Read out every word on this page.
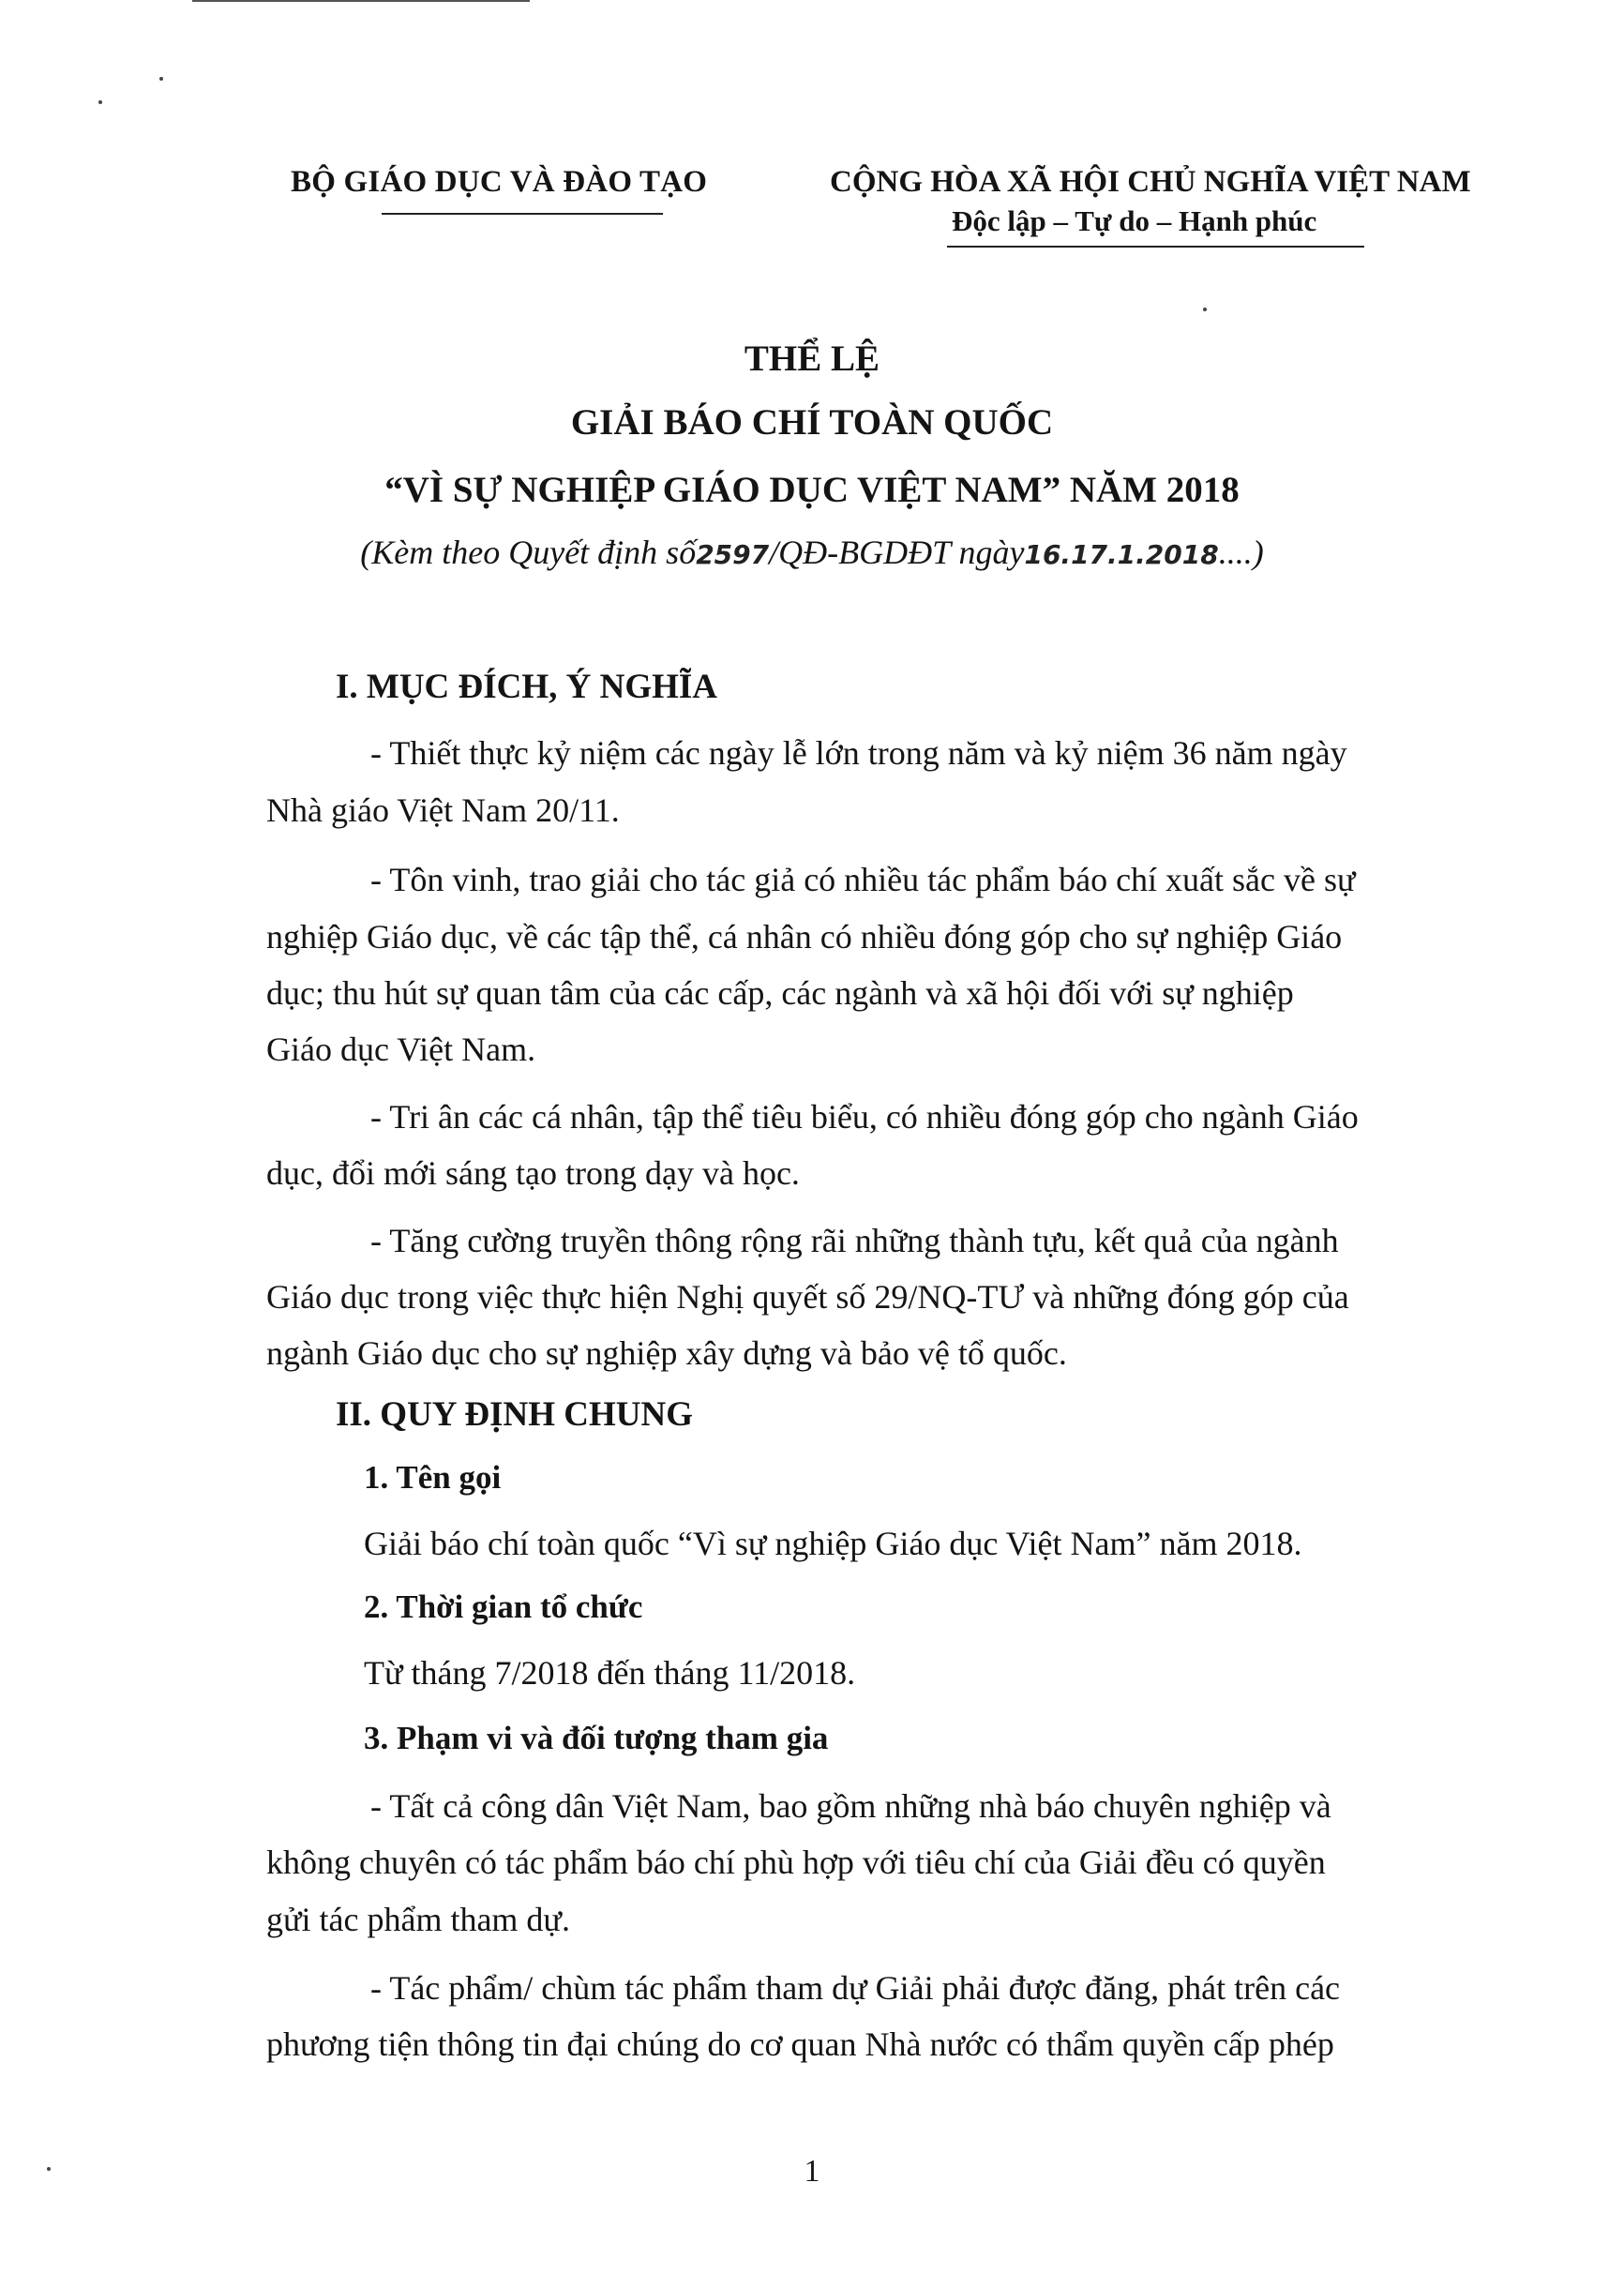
BỘ GIÁO DỤC VÀ ĐÀO TẠO	CỘNG HÒA XÃ HỘI CHỦ NGHĨA VIỆT NAM
Độc lập – Tự do – Hạnh phúc
THỂ LỆ
GIẢI BÁO CHÍ TOÀN QUỐC
“VÌ SỰ NGHIỆP GIÁO DỤC VIỆT NAM” NĂM 2018
(Kèm theo Quyết định số2597/QĐ-BGDĐT ngày16.17.1.2018....)
I. MỤC ĐÍCH, Ý NGHĨA
- Thiết thực kỷ niệm các ngày lễ lớn trong năm và kỷ niệm 36 năm ngày
Nhà giáo Việt Nam 20/11.
- Tôn vinh, trao giải cho tác giả có nhiều tác phẩm báo chí xuất sắc về sự
nghiệp Giáo dục, về các tập thể, cá nhân có nhiều đóng góp cho sự nghiệp Giáo
dục; thu hút sự quan tâm của các cấp, các ngành và xã hội đối với sự nghiệp
Giáo dục Việt Nam.
- Tri ân các cá nhân, tập thể tiêu biểu, có nhiều đóng góp cho ngành Giáo
dục, đổi mới sáng tạo trong dạy và học.
- Tăng cường truyền thông rộng rãi những thành tựu, kết quả của ngành
Giáo dục trong việc thực hiện Nghị quyết số 29/NQ-TƯ và những đóng góp của
ngành Giáo dục cho sự nghiệp xây dựng và bảo vệ tổ quốc.
II. QUY ĐỊNH CHUNG
1. Tên gọi
Giải báo chí toàn quốc “Vì sự nghiệp Giáo dục Việt Nam” năm 2018.
2. Thời gian tổ chức
Từ tháng 7/2018 đến tháng 11/2018.
3. Phạm vi và đối tượng tham gia
- Tất cả công dân Việt Nam, bao gồm những nhà báo chuyên nghiệp và
không chuyên có tác phẩm báo chí phù hợp với tiêu chí của Giải đều có quyền
gửi tác phẩm tham dự.
- Tác phẩm/ chùm tác phẩm tham dự Giải phải được đăng, phát trên các
phương tiện thông tin đại chúng do cơ quan Nhà nước có thẩm quyền cấp phép
1
